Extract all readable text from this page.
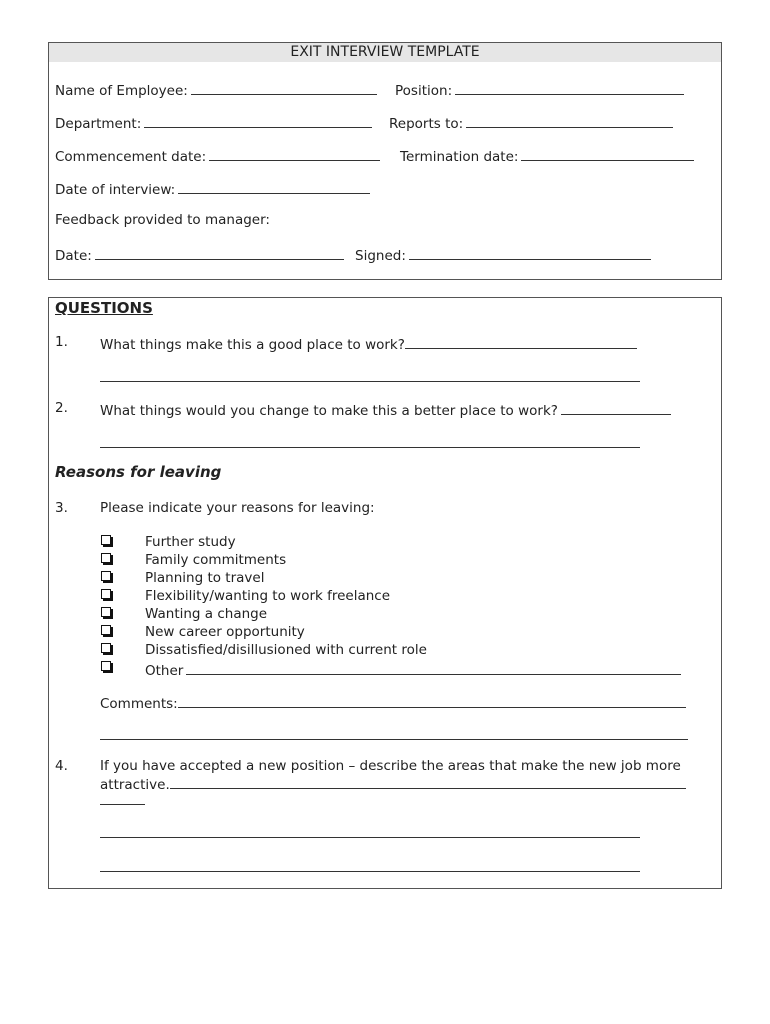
EXIT INTERVIEW TEMPLATE
Name of Employee:	Position:
Department:	Reports to:
Commencement date:	Termination date:
Date of interview:
Feedback provided to manager:
Date:	Signed:
QUESTIONS
1. What things make this a good place to work?
2. What things would you change to make this a better place to work?
Reasons for leaving
3. Please indicate your reasons for leaving:
Further study
Family commitments
Planning to travel
Flexibility/wanting to work freelance
Wanting a change
New career opportunity
Dissatisfied/disillusioned with current role
Other
Comments:
4. If you have accepted a new position – describe the areas that make the new job more
attractive.
